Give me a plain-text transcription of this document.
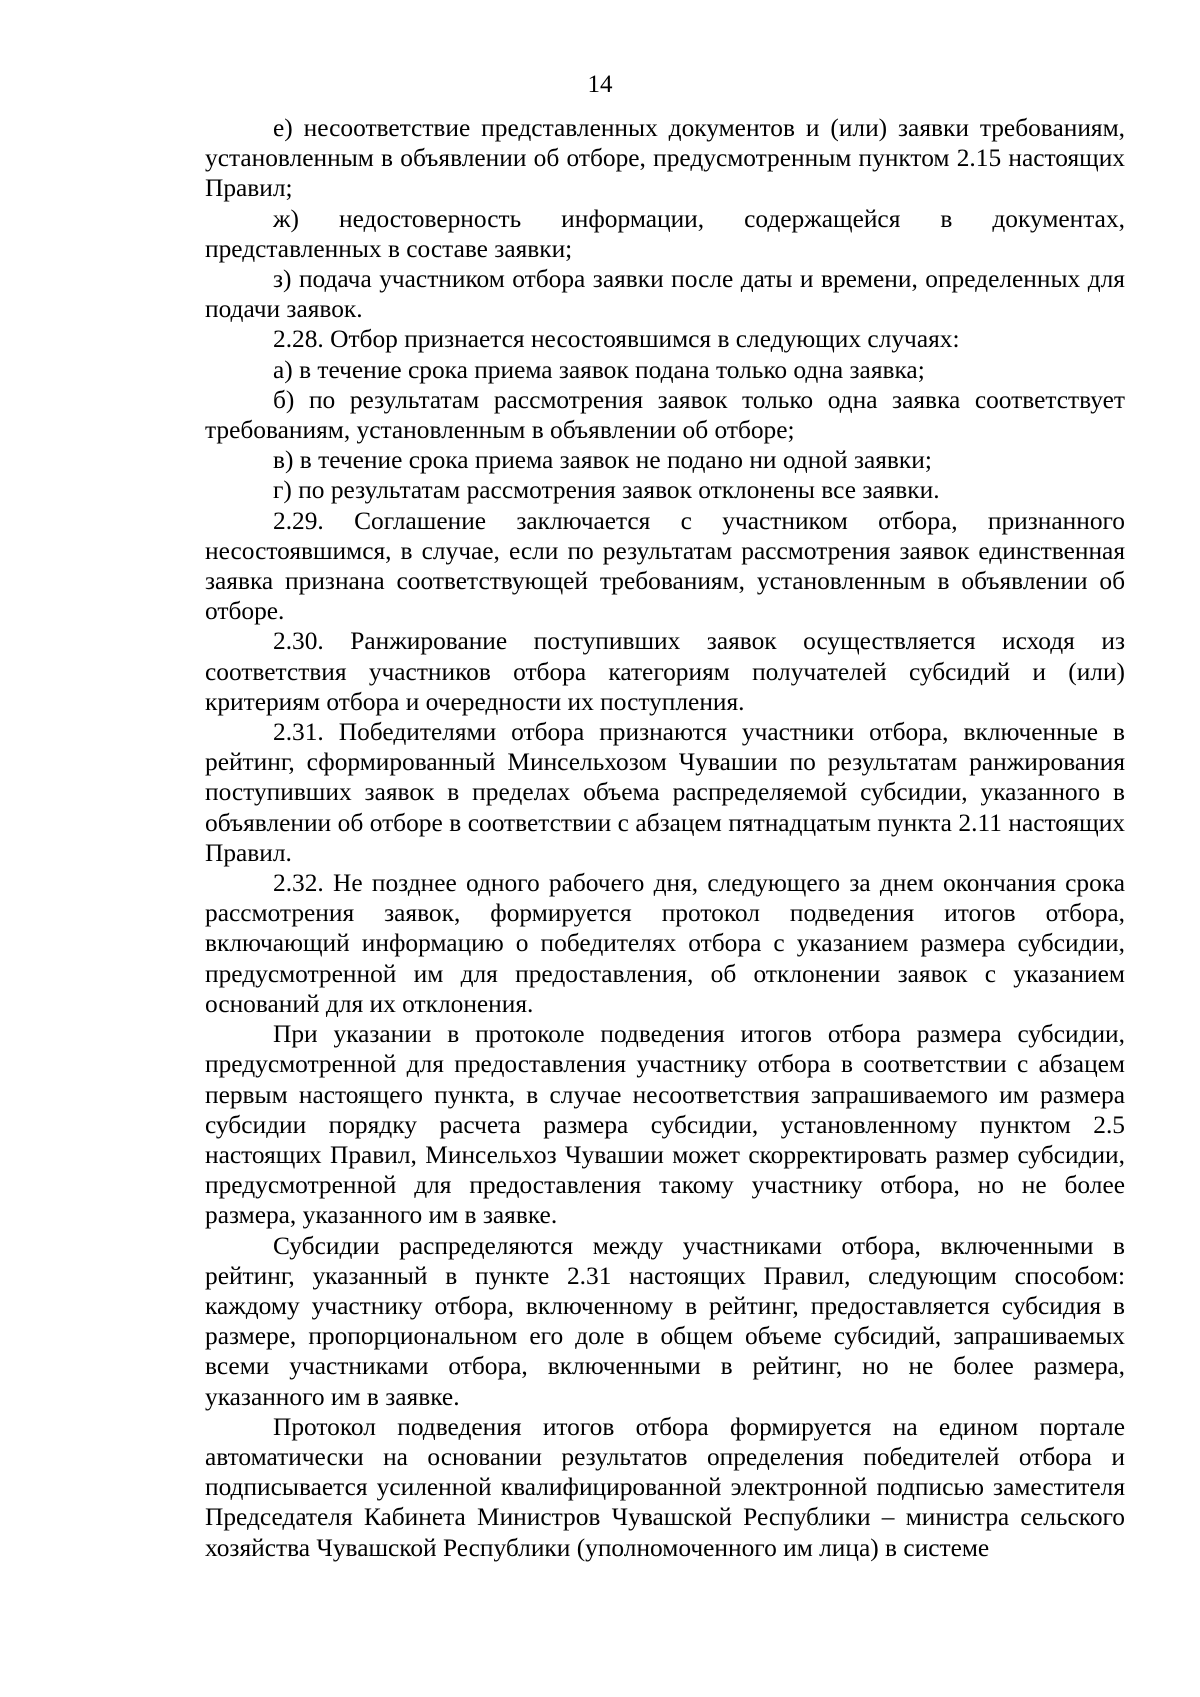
14

е) несоответствие представленных документов и (или) заявки требованиям, установленным в объявлении об отборе, предусмотренным пунктом 2.15 настоящих Правил;

ж) недостоверность информации, содержащейся в документах, представленных в составе заявки;

з) подача участником отбора заявки после даты и времени, определенных для подачи заявок.

2.28. Отбор признается несостоявшимся в следующих случаях:

а) в течение срока приема заявок подана только одна заявка;

б) по результатам рассмотрения заявок только одна заявка соответствует требованиям, установленным в объявлении об отборе;

в) в течение срока приема заявок не подано ни одной заявки;

г) по результатам рассмотрения заявок отклонены все заявки.

2.29. Соглашение заключается с участником отбора, признанного несостоявшимся, в случае, если по результатам рассмотрения заявок единственная заявка признана соответствующей требованиям, установленным в объявлении об отборе.

2.30. Ранжирование поступивших заявок осуществляется исходя из соответствия участников отбора категориям получателей субсидий и (или) критериям отбора и очередности их поступления.

2.31. Победителями отбора признаются участники отбора, включенные в рейтинг, сформированный Минсельхозом Чувашии по результатам ранжирования поступивших заявок в пределах объема распределяемой субсидии, указанного в объявлении об отборе в соответствии с абзацем пятнадцатым пункта 2.11 настоящих Правил.

2.32. Не позднее одного рабочего дня, следующего за днем окончания срока рассмотрения заявок, формируется протокол подведения итогов отбора, включающий информацию о победителях отбора с указанием размера субсидии, предусмотренной им для предоставления, об отклонении заявок с указанием оснований для их отклонения.

При указании в протоколе подведения итогов отбора размера субсидии, предусмотренной для предоставления участнику отбора в соответствии с абзацем первым настоящего пункта, в случае несоответствия запрашиваемого им размера субсидии порядку расчета размера субсидии, установленному пунктом 2.5 настоящих Правил, Минсельхоз Чувашии может скорректировать размер субсидии, предусмотренной для предоставления такому участнику отбора, но не более размера, указанного им в заявке.

Субсидии распределяются между участниками отбора, включенными в рейтинг, указанный в пункте 2.31 настоящих Правил, следующим способом: каждому участнику отбора, включенному в рейтинг, предоставляется субсидия в размере, пропорциональном его доле в общем объеме субсидий, запрашиваемых всеми участниками отбора, включенными в рейтинг, но не более размера, указанного им в заявке.

Протокол подведения итогов отбора формируется на едином портале автоматически на основании результатов определения победителей отбора и подписывается усиленной квалифицированной электронной подписью заместителя Председателя Кабинета Министров Чувашской Республики – министра сельского хозяйства Чувашской Республики (уполномоченного им лица) в системе
